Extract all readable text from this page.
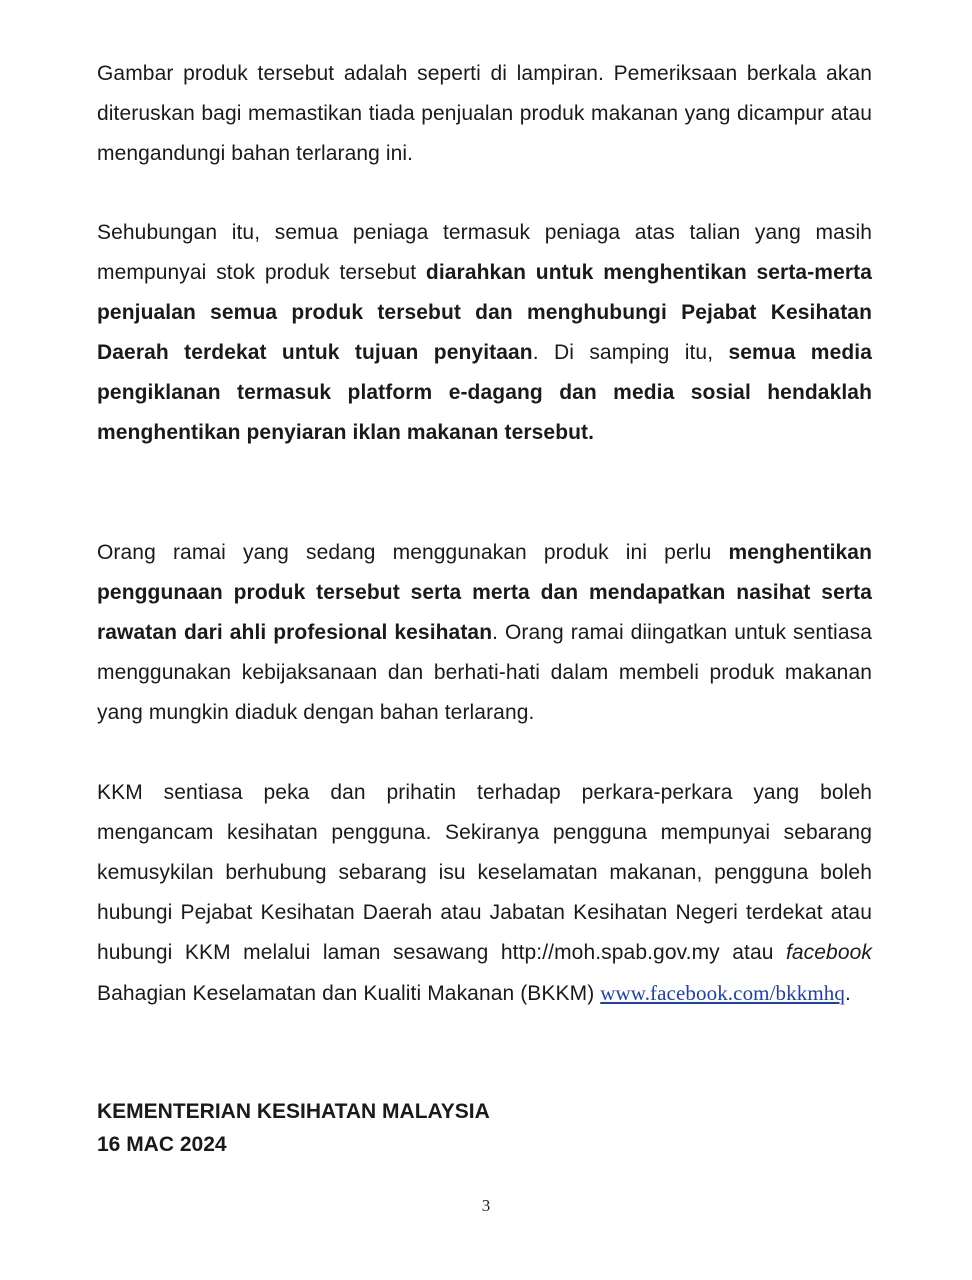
Gambar produk tersebut adalah seperti di lampiran. Pemeriksaan berkala akan diteruskan bagi memastikan tiada penjualan produk makanan yang dicampur atau mengandungi bahan terlarang ini.

Sehubungan itu, semua peniaga termasuk peniaga atas talian yang masih mempunyai stok produk tersebut diarahkan untuk menghentikan serta-merta penjualan semua produk tersebut dan menghubungi Pejabat Kesihatan Daerah terdekat untuk tujuan penyitaan. Di samping itu, semua media pengiklanan termasuk platform e-dagang dan media sosial hendaklah menghentikan penyiaran iklan makanan tersebut.

Orang ramai yang sedang menggunakan produk ini perlu menghentikan penggunaan produk tersebut serta merta dan mendapatkan nasihat serta rawatan dari ahli profesional kesihatan. Orang ramai diingatkan untuk sentiasa menggunakan kebijaksanaan dan berhati-hati dalam membeli produk makanan yang mungkin diaduk dengan bahan terlarang.

KKM sentiasa peka dan prihatin terhadap perkara-perkara yang boleh mengancam kesihatan pengguna. Sekiranya pengguna mempunyai sebarang kemusykilan berhubung sebarang isu keselamatan makanan, pengguna boleh hubungi Pejabat Kesihatan Daerah atau Jabatan Kesihatan Negeri terdekat atau hubungi KKM melalui laman sesawang http://moh.spab.gov.my atau facebook Bahagian Keselamatan dan Kualiti Makanan (BKKM) www.facebook.com/bkkmhq.

KEMENTERIAN KESIHATAN MALAYSIA

16 MAC 2024

3
